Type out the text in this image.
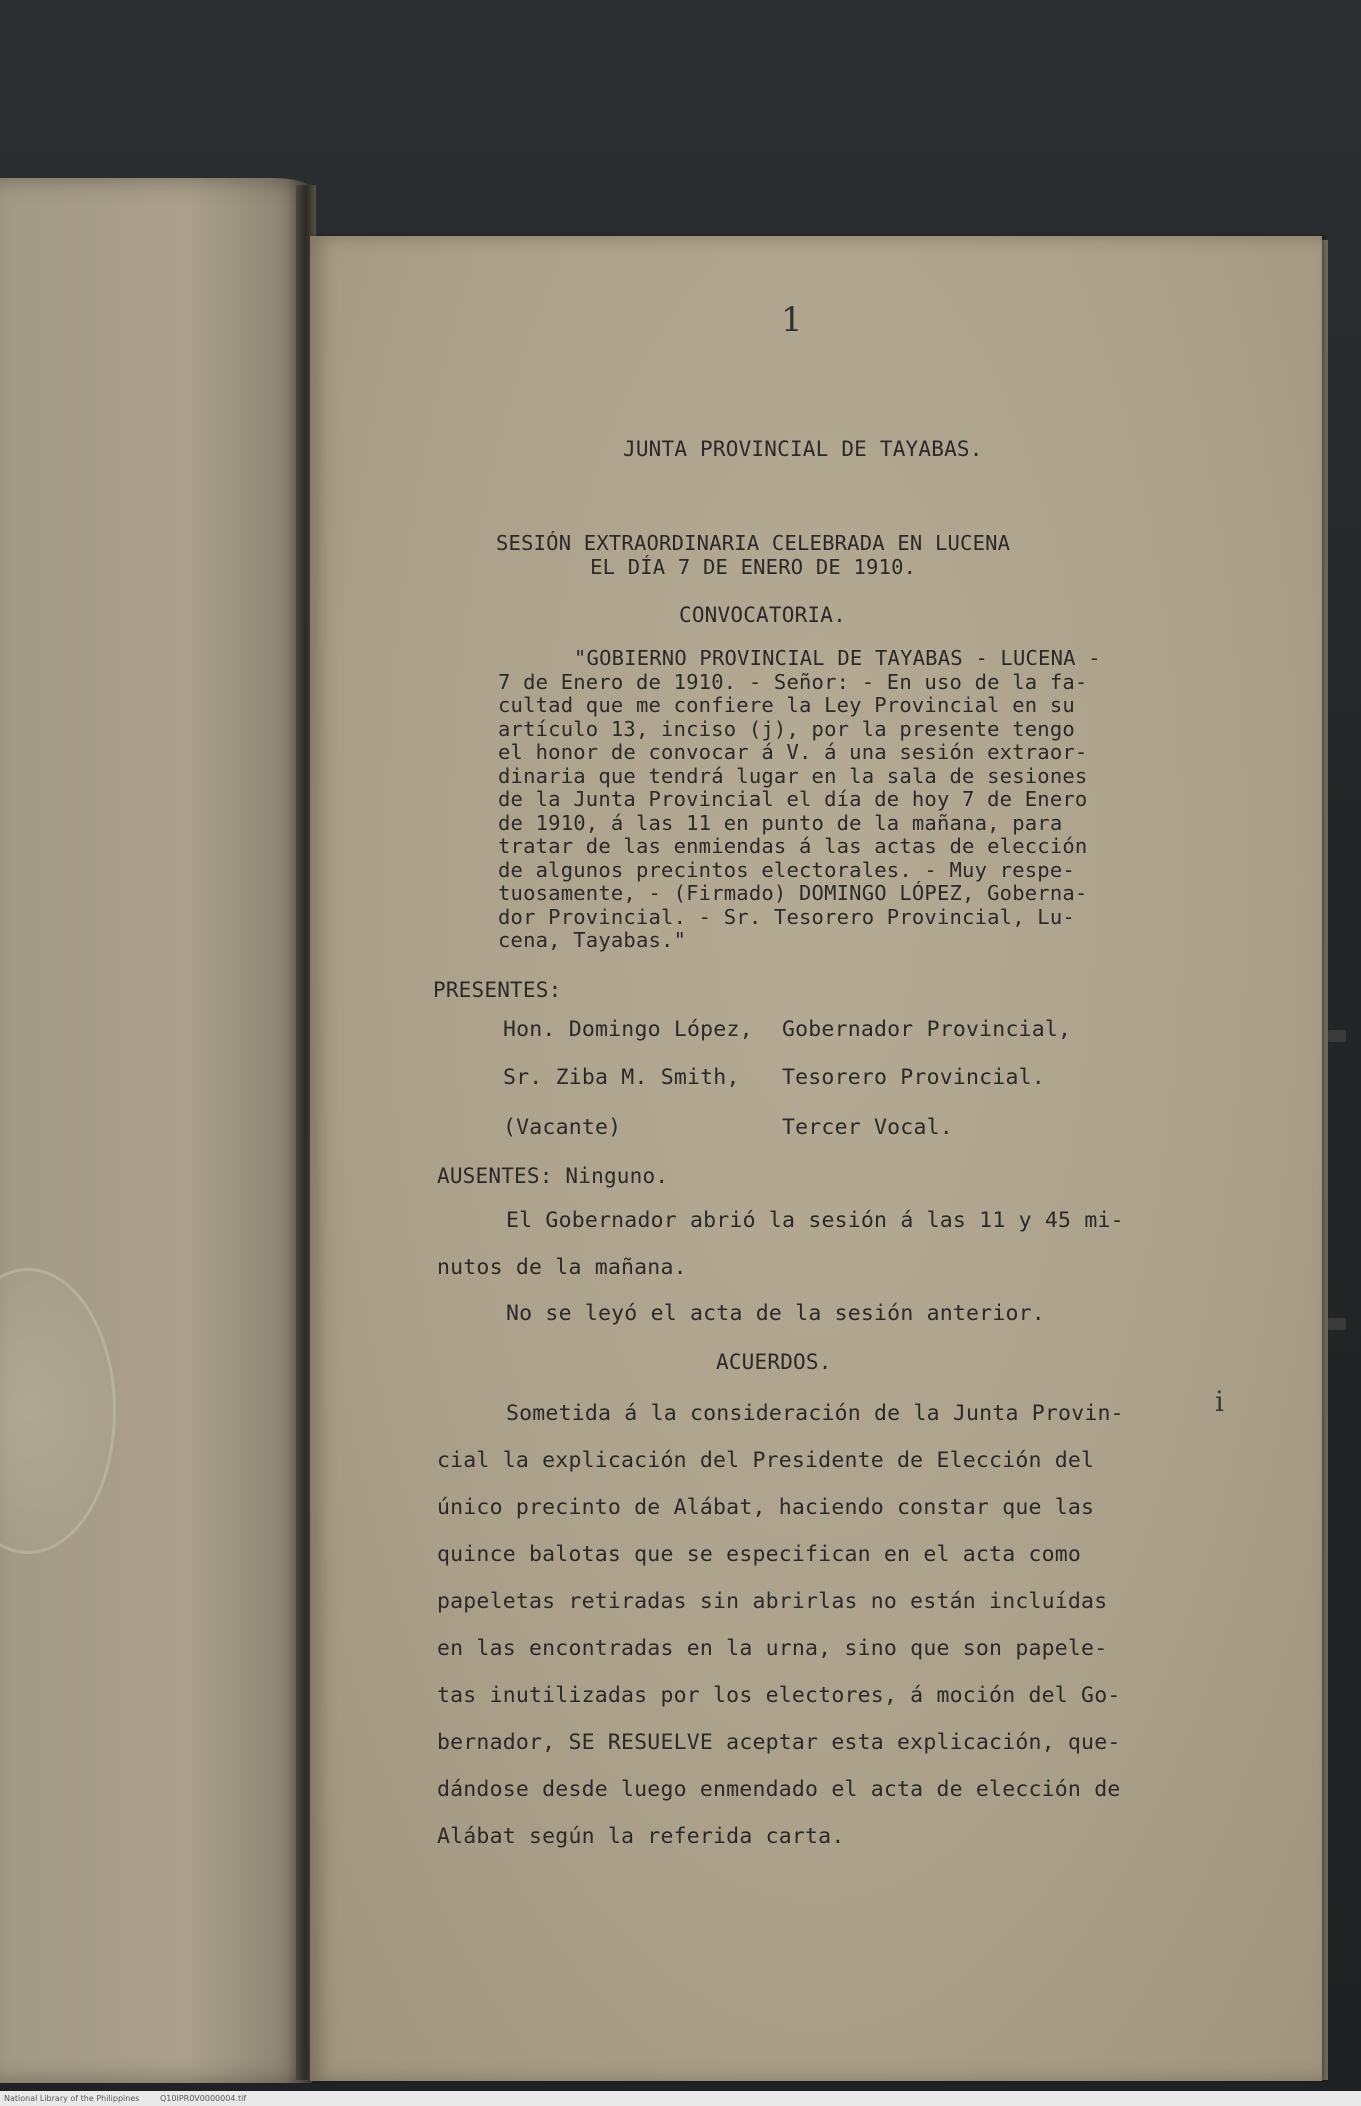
1
JUNTA PROVINCIAL DE TAYABAS.
SESIÓN EXTRAORDINARIA CELEBRADA EN LUCENA
EL DÍA 7 DE ENERO DE 1910.
CONVOCATORIA.
"GOBIERNO PROVINCIAL DE TAYABAS - LUCENA -
7 de Enero de 1910. - Señor: - En uso de la fa-
cultad que me confiere la Ley Provincial en su
artículo 13, inciso (j), por la presente tengo
el honor de convocar á V. á una sesión extraor-
dinaria que tendrá lugar en la sala de sesiones
de la Junta Provincial el día de hoy 7 de Enero
de 1910, á las 11 en punto de la mañana, para
tratar de las enmiendas á las actas de elección
de algunos precintos electorales. - Muy respe-
tuosamente, - (Firmado) DOMINGO LÓPEZ, Goberna-
dor Provincial. - Sr. Tesorero Provincial, Lu-
cena, Tayabas."
PRESENTES:
Hon. Domingo López, Gobernador Provincial,
Sr. Ziba M. Smith, Tesorero Provincial.
(Vacante)	Tercer Vocal.
AUSENTES: Ninguno.
El Gobernador abrió la sesión á las 11 y 45 mi-
nutos de la mañana.
No se leyó el acta de la sesión anterior.
ACUERDOS.
i
Sometida á la consideración de la Junta Provin-
cial la explicación del Presidente de Elección del
único precinto de Alábat, haciendo constar que las
quince balotas que se especifican en el acta como
papeletas retiradas sin abrirlas no están incluídas
en las encontradas en la urna, sino que son papele-
tas inutilizadas por los electores, á moción del Go-
bernador, SE RESUELVE aceptar esta explicación, que-
dándose desde luego enmendado el acta de elección de
Alábat según la referida carta.
National Library of the Philippines	Q10IPR0V0000004.tif
